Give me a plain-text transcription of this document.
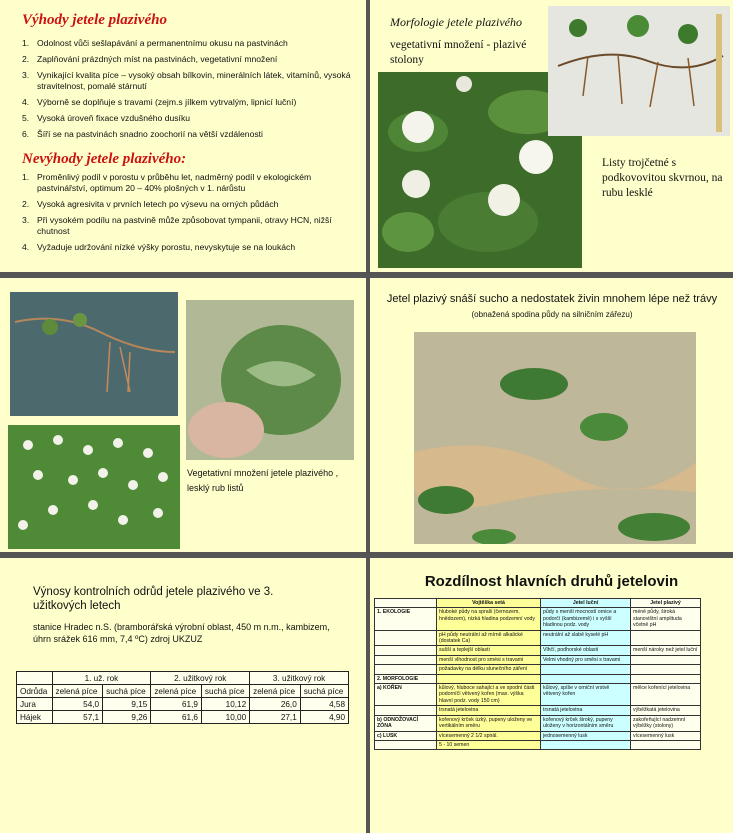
Výhody jetele plazivého
1. Odolnost vůči sešlapávání a permanentnímu okusu na pastvinách
2. Zaplňování prázdných míst na pastvinách, vegetativní množení
3. Vynikající kvalita píce – vysoký obsah bílkovin, minerálních látek, vitamínů, vysoká stravitelnost, pomalé stárnutí
4. Výborně se doplňuje s travami (zejm.s jílkem vytrvalým, lipnicí luční)
5. Vysoká úroveň fixace vzdušného dusíku
6. Šíří se na pastvinách snadno zoochorií na větší vzdálenosti
Nevýhody jetele plazivého:
1. Proměnlivý podíl v porostu v průběhu let, nadměrný podíl v ekologickém pastvinářství, optimum 20 – 40% plošných v 1. nárůstu
2. Vysoká agresivita v prvních letech po výsevu na orných půdách
3. Při vysokém podílu na pastvině může způsobovat tympanii, otravy HCN, nižší chutnost
4. Vyžaduje udržování nízké výšky porostu, nevyskytuje se na loukách
Morfologie jetele plazivého
vegetativní množení - plazivé stolony
Listy trojčetné s podkovovitou skvrnou, na rubu lesklé
Vegetativní množení jetele plazivého , lesklý rub listů
Jetel plazivý snáší sucho a nedostatek živin mnohem lépe než trávy (obnažená spodina půdy na silničním zářezu)
Výnosy kontrolních odrůd jetele plazivého ve 3. užitkových letech
stanice Hradec n.S. (bramborářská výrobní oblast, 450 m n.m., kambizem, úhrn srážek 616 mm, 7,4 ºC) zdroj UKZUZ
	1. už. rok		2. užitkový rok		3. užitkový rok	
Odrůda	zelená píce	suchá píce	zelená píce	suchá píce	zelená píce	suchá píce
Jura	54,0	9,15	61,9	10,12	26,0	4,58
Hájek	57,1	9,26	61,6	10,00	27,1	4,90
Rozdílnost hlavních druhů jetelovin
	Vojtěška setá	Jetel luční	Jetel plazivý
1. EKOLOGIE	hluboké půdy na spraši (černozem, hnědozem), nízká hladina podzemní vody	půdy s menší mocností ornice a podorčí (kambizemě) i s vyšší hladinou podz. vody	méně půdy, široká stanovištní amplituda včetně pH
	pH půdy neutrální až mírně alkalické (dostatek Ca)	neutrální až slabě kyselé pH	
	sušší a teplejší oblasti	Vlhčí, podhorské oblasti	menší nároky než jetel luční
	menší vlhodnost pro smési s travami	Velmi vhodný pro směsi s travami	
	požadavky na délku slunečního záření		
2. MORFOLOGIE			
a) KOŘEN	kůlový, hluboce sahající a ve spodní části podorníčí větvený kořen (max. výška hlavní podz. vody 150 cm)	kůlový, spíše v orniční vrstvě větvený kořen	mělce kořenící jetelovina
	trsnatá jetelovina	trsnatá jetelovina	výběžkatá jetelovina
b) ODNOŽOVACÍ ZÓNA	kořenový krček úzký, pupeny uloženy ve vertikálním směru	kořenový krček široký, pupeny uloženy v horizontálním směru	zakořeňující nadzemní výběžky (stolony)
c) LUSK	vícesemenný 2 1/2 spirál.	jednosemenný lusk	vícesemenný lusk
	5 - 10 semen		
